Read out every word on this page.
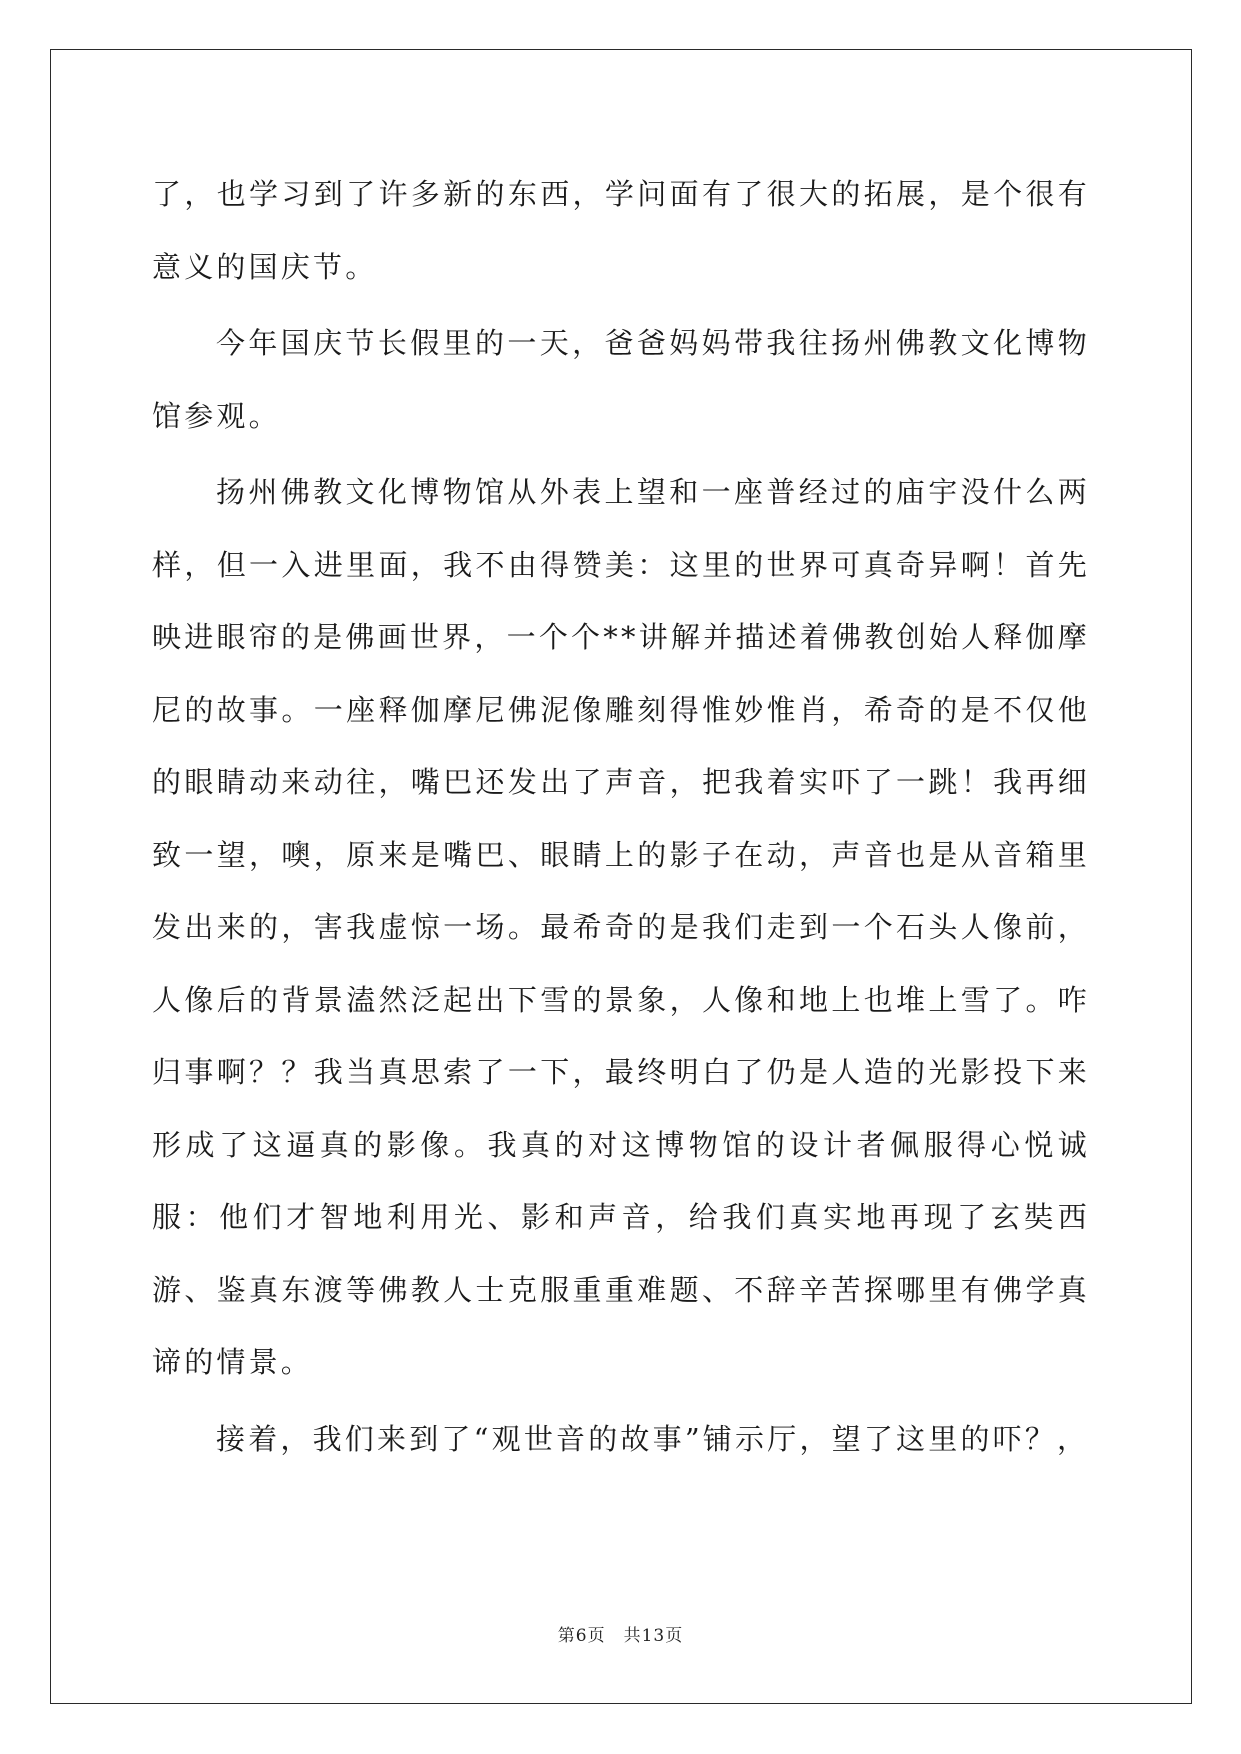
了，也学习到了许多新的东西，学问面有了很大的拓展，是个很有意义的国庆节。

今年国庆节长假里的一天，爸爸妈妈带我往扬州佛教文化博物馆参观。

扬州佛教文化博物馆从外表上望和一座普经过的庙宇没什么两样，但一入进里面，我不由得赞美：这里的世界可真奇异啊！首先映进眼帘的是佛画世界，一个个**讲解并描述着佛教创始人释伽摩尼的故事。一座释伽摩尼佛泥像雕刻得惟妙惟肖，希奇的是不仅他的眼睛动来动往，嘴巴还发出了声音，把我着实吓了一跳！我再细致一望，噢，原来是嘴巴、眼睛上的影子在动，声音也是从音箱里发出来的，害我虚惊一场。最希奇的是我们走到一个石头人像前，人像后的背景溘然泛起出下雪的景象，人像和地上也堆上雪了。咋归事啊？？我当真思索了一下，最终明白了仍是人造的光影投下来形成了这逼真的影像。我真的对这博物馆的设计者佩服得心悦诚服：他们才智地利用光、影和声音，给我们真实地再现了玄奘西游、鉴真东渡等佛教人士克服重重难题、不辞辛苦探哪里有佛学真谛的情景。

接着，我们来到了“观世音的故事”铺示厅，望了这里的吓？，

第6页 共13页
